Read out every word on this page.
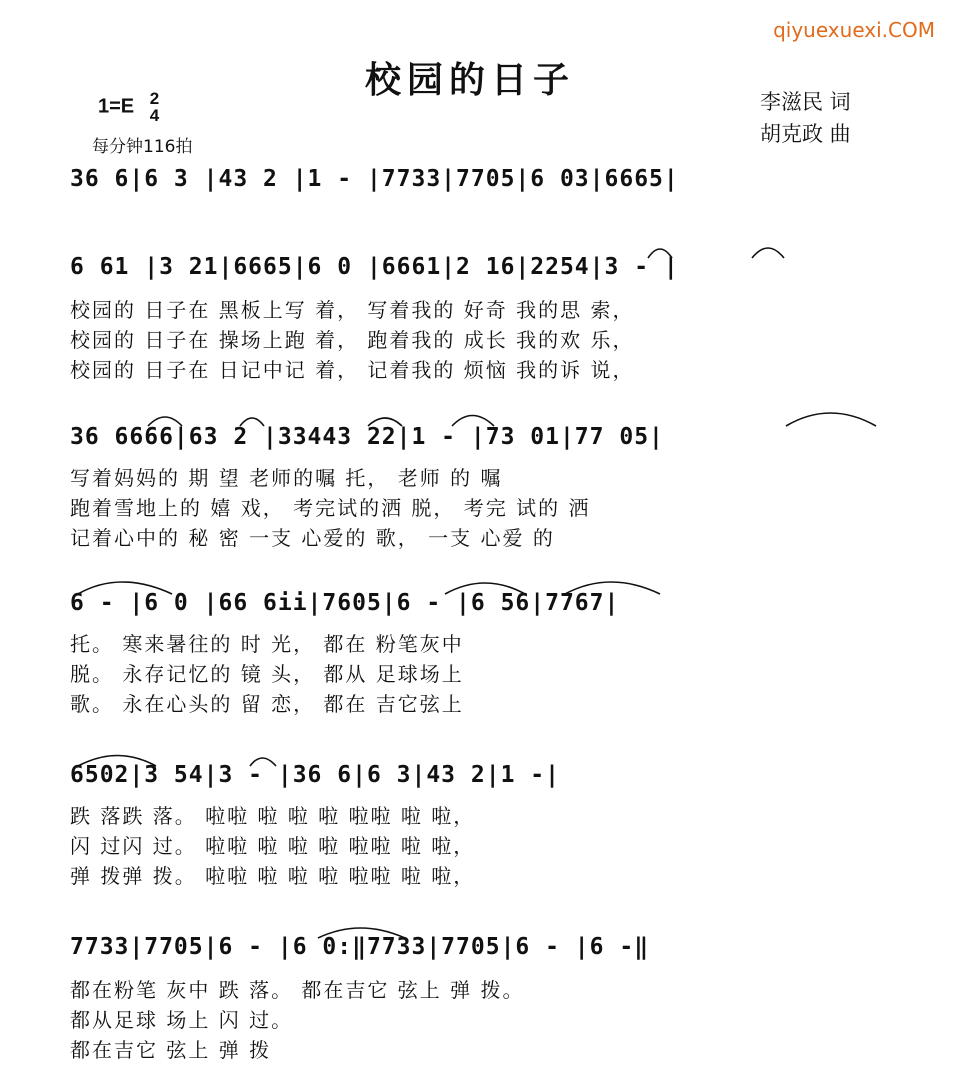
qiyuexuexi.COM
校园的日子
1=E 2
4
每分钟116拍
李滋民 词
胡克政 曲
36 6|6 3 |43 2 |1 - |7733|7705|6 03|6665|
6 61 |3 21|6665|6 0 |6661|2 16|2254|3 - |
校园的 日子在 黑板上写 着， 写着我的 好奇 我的思 索，
校园的 日子在 操场上跑 着， 跑着我的 成长 我的欢 乐，
校园的 日子在 日记中记 着， 记着我的 烦恼 我的诉 说，
36 6666|63 2 |33443 22|1 - |73 01|77 05|
写着妈妈的 期 望 老师的嘱 托， 老师 的 嘱
跑着雪地上的 嬉 戏， 考完试的洒 脱， 考完 试的 洒
记着心中的 秘 密 一支 心爱的 歌， 一支 心爱 的
6 - |6 0 |66 6ii|7605|6 - |6 56|7767|
托。 寒来暑往的 时 光， 都在 粉笔灰中
脱。 永存记忆的 镜 头， 都从 足球场上
歌。 永在心头的 留 恋， 都在 吉它弦上
6502|3 54|3 - |36 6|6 3|43 2|1 -|
跌 落跌 落。 啦啦 啦 啦 啦 啦啦 啦 啦，
闪 过闪 过。 啦啦 啦 啦 啦 啦啦 啦 啦，
弹 拨弹 拨。 啦啦 啦 啦 啦 啦啦 啦 啦，
7733|7705|6 - |6 0:‖7733|7705|6 - |6 -‖
都在粉笔 灰中 跌 落。 都在吉它 弦上 弹 拨。
都从足球 场上 闪 过。
都在吉它 弦上 弹 拨
